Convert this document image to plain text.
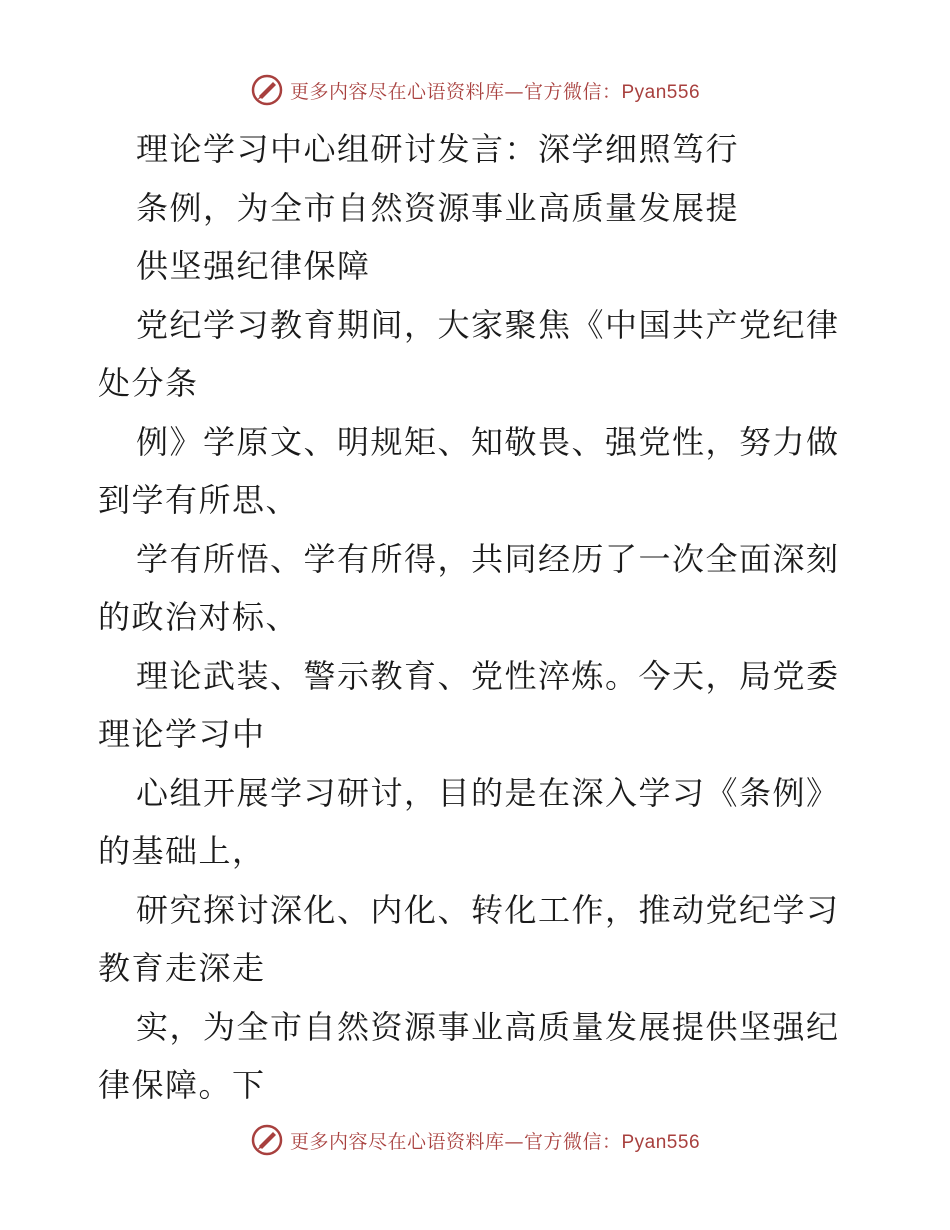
更多内容尽在心语资料库—官方微信：Pyan556
理论学习中心组研讨发言：深学细照笃行
条例，为全市自然资源事业高质量发展提
供坚强纪律保障
党纪学习教育期间，大家聚焦《中国共产党纪律
处分条
例》学原文、明规矩、知敬畏、强党性，努力做
到学有所思、
学有所悟、学有所得，共同经历了一次全面深刻
的政治对标、
理论武装、警示教育、党性淬炼。今天，局党委
理论学习中
心组开展学习研讨，目的是在深入学习《条例》
的基础上，
研究探讨深化、内化、转化工作，推动党纪学习
教育走深走
实，为全市自然资源事业高质量发展提供坚强纪
律保障。下
更多内容尽在心语资料库—官方微信：Pyan556
